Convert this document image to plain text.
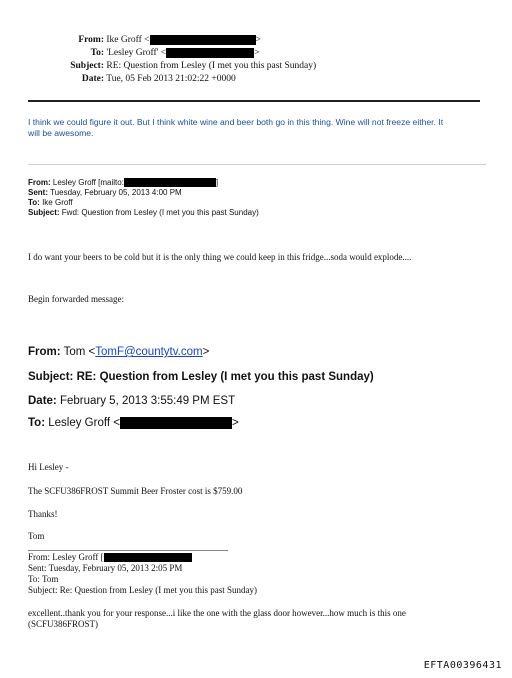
From: Ike Groff <	>
To: 'Lesley Groff' <	>
Subject: RE: Question from Lesley (I met you this past Sunday)
Date: Tue, 05 Feb 2013 21:02:22 +0000
I think we could figure it out. But I think white wine and beer both go in this thing. Wine will not freeze either. It
will be awesome.
From: Lesley Groff [mailto:	]
Sent: Tuesday, February 05, 2013 4:00 PM
To: Ike Groff
Subject: Fwd: Question from Lesley (I met you this past Sunday)
I do want your beers to be cold but it is the only thing we could keep in this fridge...soda would explode....
Begin forwarded message:
From: Tom <TomF@countytv.com>
Subject: RE: Question from Lesley (I met you this past Sunday)
Date: February 5, 2013 3:55:49 PM EST
To: Lesley Groff <	>
Hi Lesley -
The SCFU386FROST Summit Beer Froster cost is $759.00
Thanks!
Tom
From: Lesley Groff [
Sent: Tuesday, February 05, 2013 2:05 PM
To: Tom
Subject: Re: Question from Lesley (I met you this past Sunday)
excellent..thank you for your response...i like the one with the glass door however...how much is this one
(SCFU386FROST)
EFTA00396431
